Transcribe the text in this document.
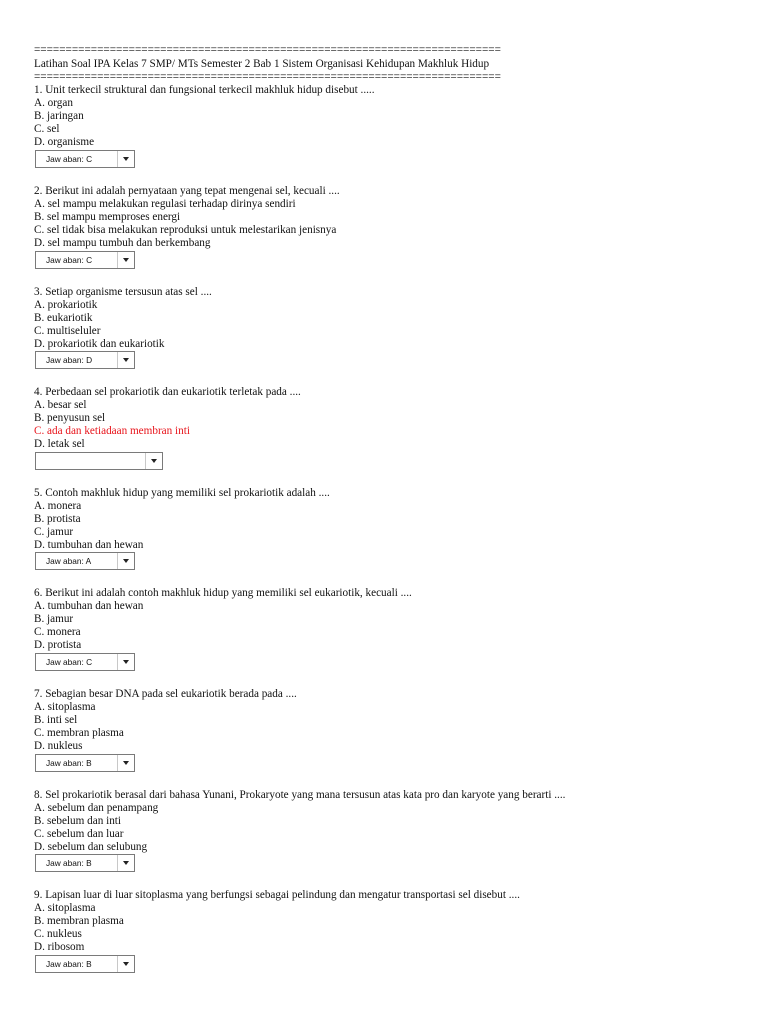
==========================================================================
Latihan Soal IPA Kelas 7 SMP/ MTs Semester 2 Bab 1 Sistem Organisasi Kehidupan Makhluk Hidup
==========================================================================
1. Unit terkecil struktural dan fungsional terkecil makhluk hidup disebut .....
A. organ
B. jaringan
C. sel
D. organisme
Jaw aban: C
2. Berikut ini adalah pernyataan yang tepat mengenai sel, kecuali ....
A. sel mampu melakukan regulasi terhadap dirinya sendiri
B. sel mampu memproses energi
C. sel tidak bisa melakukan reproduksi untuk melestarikan jenisnya
D. sel mampu tumbuh dan berkembang
Jaw aban: C
3. Setiap organisme tersusun atas sel ....
A. prokariotik
B. eukariotik
C. multiseluler
D. prokariotik dan eukariotik
Jaw aban: D
4. Perbedaan sel prokariotik dan eukariotik terletak pada ....
A. besar sel
B. penyusun sel
C. ada dan ketiadaan membran inti
D. letak sel
5. Contoh makhluk hidup yang memiliki sel prokariotik adalah ....
A. monera
B. protista
C. jamur
D. tumbuhan dan hewan
Jaw aban: A
6. Berikut ini adalah contoh makhluk hidup yang memiliki sel eukariotik, kecuali ....
A. tumbuhan dan hewan
B. jamur
C. monera
D. protista
Jaw aban: C
7. Sebagian besar DNA pada sel eukariotik berada pada ....
A. sitoplasma
B. inti sel
C. membran plasma
D. nukleus
Jaw aban: B
8. Sel prokariotik berasal dari bahasa Yunani, Prokaryote yang mana tersusun atas kata pro dan karyote yang berarti ....
A. sebelum dan penampang
B. sebelum dan inti
C. sebelum dan luar
D. sebelum dan selubung
Jaw aban: B
9. Lapisan luar di luar sitoplasma yang berfungsi sebagai pelindung dan mengatur transportasi sel disebut ....
A. sitoplasma
B. membran plasma
C. nukleus
D. ribosom
Jaw aban: B
